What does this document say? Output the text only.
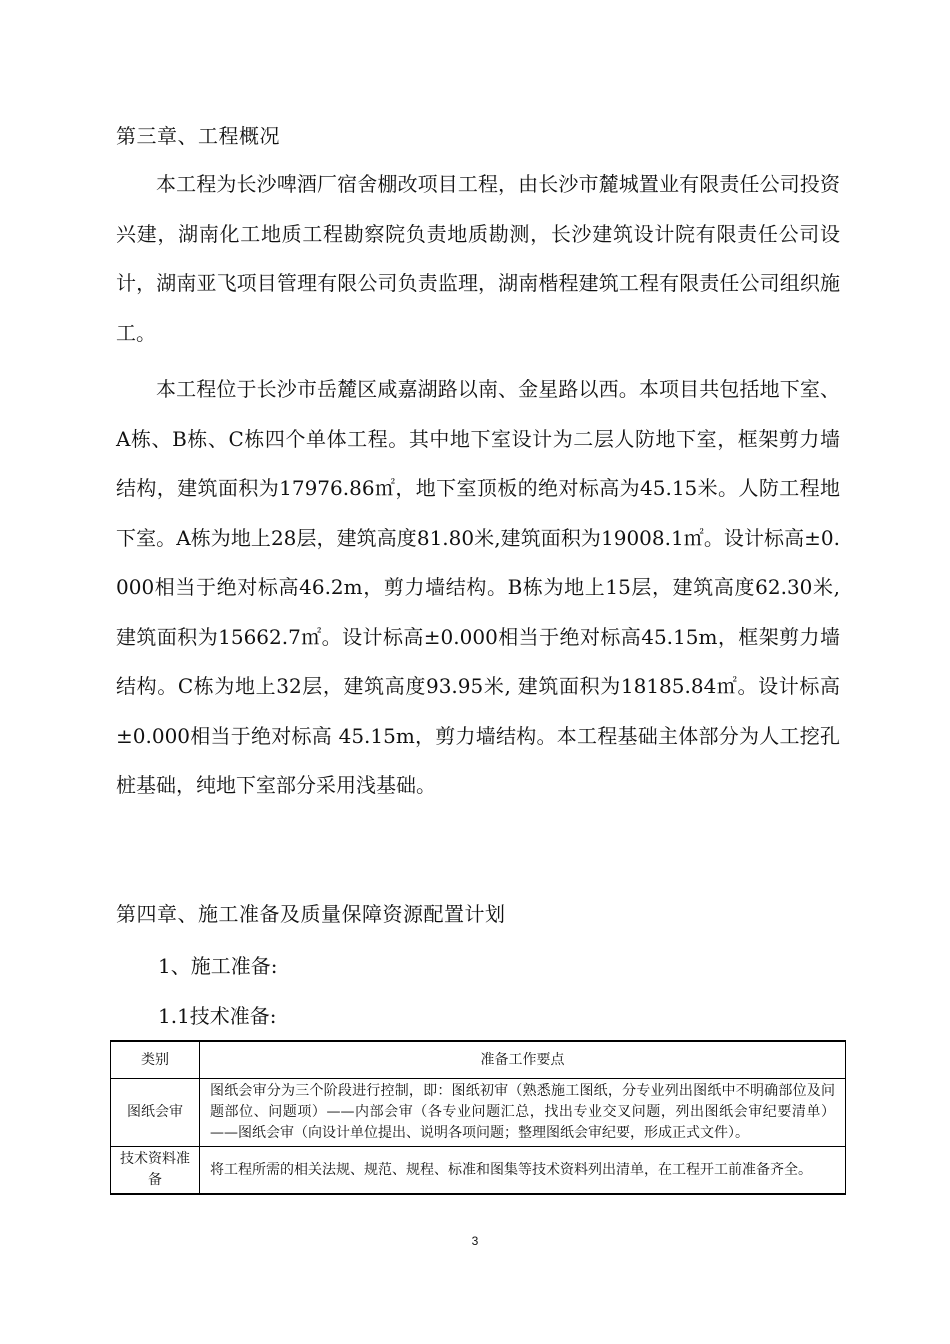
第三章、工程概况

本工程为长沙啤酒厂宿舍棚改项目工程，由长沙市麓城置业有限责任公司投资兴建，湖南化工地质工程勘察院负责地质勘测，长沙建筑设计院有限责任公司设计，湖南亚飞项目管理有限公司负责监理，湖南楷程建筑工程有限责任公司组织施工。

本工程位于长沙市岳麓区咸嘉湖路以南、金星路以西。本项目共包括地下室、A栋、B栋、C栋四个单体工程。其中地下室设计为二层人防地下室，框架剪力墙结构，建筑面积为17976.86㎡，地下室顶板的绝对标高为45.15米。人防工程地下室。A栋为地上28层，建筑高度81.80米,建筑面积为19008.1㎡。设计标高±0.000相当于绝对标高46.2m，剪力墙结构。B栋为地上15层，建筑高度62.30米, 建筑面积为15662.7㎡。设计标高±0.000相当于绝对标高45.15m，框架剪力墙结构。C栋为地上32层，建筑高度93.95米, 建筑面积为18185.84㎡。设计标高±0.000相当于绝对标高 45.15m，剪力墙结构。本工程基础主体部分为人工挖孔桩基础，纯地下室部分采用浅基础。

第四章、施工准备及质量保障资源配置计划
1、施工准备:
1.1技术准备:
类别	准备工作要点
图纸会审	图纸会审分为三个阶段进行控制，即：图纸初审（熟悉施工图纸，分专业列出图纸中不明确部位及问题部位、问题项）——内部会审（各专业问题汇总，找出专业交叉问题，列出图纸会审纪要清单）——图纸会审（向设计单位提出、说明各项问题；整理图纸会审纪要，形成正式文件）。
技术资料准备	将工程所需的相关法规、规范、规程、标准和图集等技术资料列出清单，在工程开工前准备齐全。
3
